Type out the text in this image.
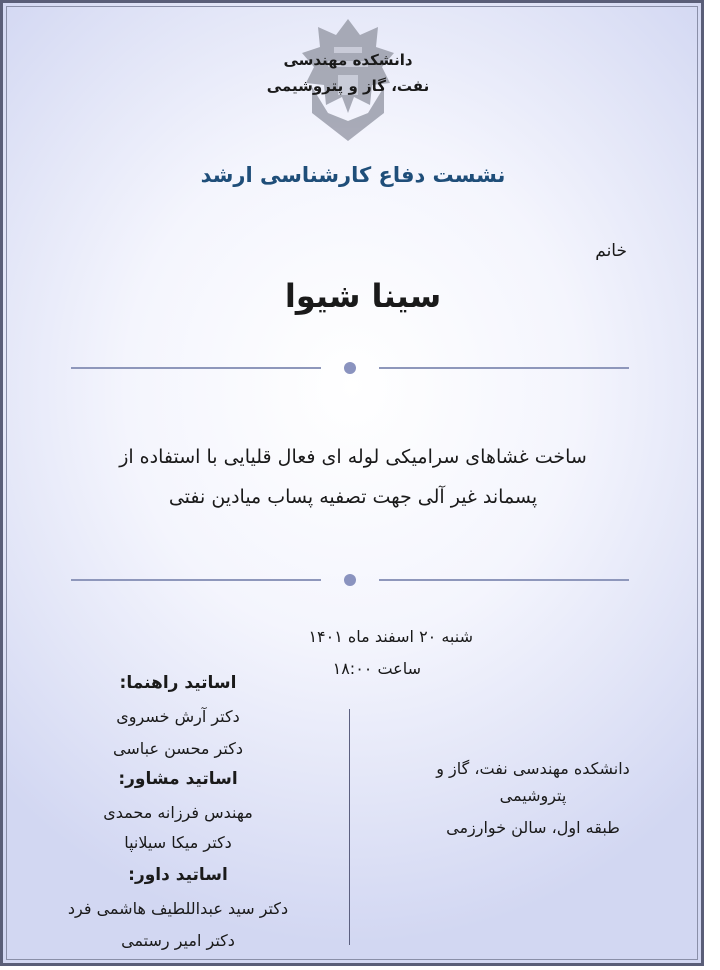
دانشکده مهندسی
نفت، گاز و پتروشیمی
نشست دفاع کارشناسی ارشد
خانم
سینا شیوا
ساخت غشاهای سرامیکی لوله ای فعال قلیایی با استفاده از
پسماند غیر آلی جهت تصفیه پساب میادین نفتی
شنبه ۲۰ اسفند ماه ۱۴۰۱
ساعت ۱۸:۰۰
اساتید راهنما:
دکتر آرش خسروی
دکتر محسن عباسی
اساتید مشاور:
مهندس فرزانه محمدی
دکتر میکا سیلانپا
اساتید داور:
دکتر سید عبداللطیف هاشمی فرد
دکتر امیر رستمی
دانشکده مهندسی نفت، گاز و
پتروشیمی
طبقه اول، سالن خوارزمی
